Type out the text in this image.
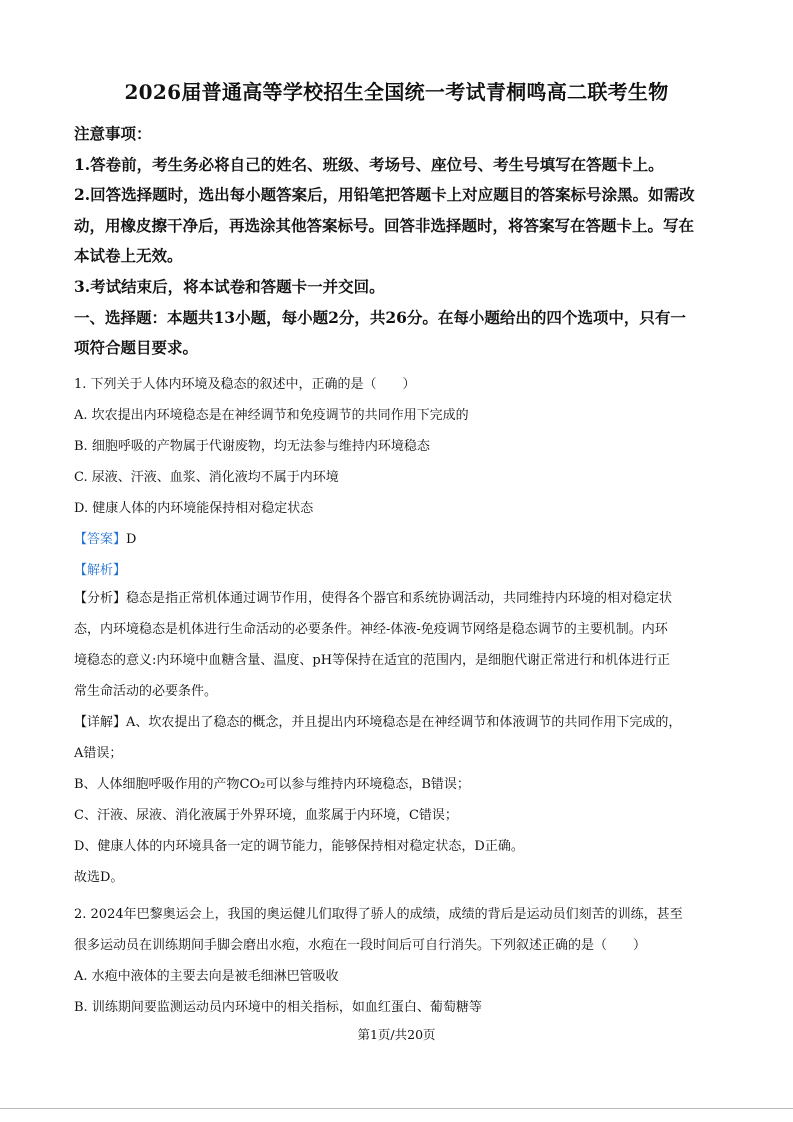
2026届普通高等学校招生全国统一考试青桐鸣高二联考生物

注意事项：

1.答卷前，考生务必将自己的姓名、班级、考场号、座位号、考生号填写在答题卡上。

2.回答选择题时，选出每小题答案后，用铅笔把答题卡上对应题目的答案标号涂黑。如需改

动，用橡皮擦干净后，再选涂其他答案标号。回答非选择题时，将答案写在答题卡上。写在

本试卷上无效。

3.考试结束后，将本试卷和答题卡一并交回。

一、选择题：本题共13小题，每小题2分，共26分。在每小题给出的四个选项中，只有一

项符合题目要求。

1. 下列关于人体内环境及稳态的叙述中，正确的是（　　）

A. 坎农提出内环境稳态是在神经调节和免疫调节的共同作用下完成的

B. 细胞呼吸的产物属于代谢废物，均无法参与维持内环境稳态

C. 尿液、汗液、血浆、消化液均不属于内环境

D. 健康人体的内环境能保持相对稳定状态

【答案】D

【解析】

【分析】稳态是指正常机体通过调节作用，使得各个器官和系统协调活动，共同维持内环境的相对稳定状

态，内环境稳态是机体进行生命活动的必要条件。神经-体液-免疫调节网络是稳态调节的主要机制。内环

境稳态的意义:内环境中血糖含量、温度、pH等保持在适宜的范围内，是细胞代谢正常进行和机体进行正

常生命活动的必要条件。

【详解】A、坎农提出了稳态的概念，并且提出内环境稳态是在神经调节和体液调节的共同作用下完成的，

A错误；

B、人体细胞呼吸作用的产物CO₂可以参与维持内环境稳态，B错误；

C、汗液、尿液、消化液属于外界环境，血浆属于内环境，C错误；

D、健康人体的内环境具备一定的调节能力，能够保持相对稳定状态，D正确。

故选D。

2. 2024年巴黎奥运会上，我国的奥运健儿们取得了骄人的成绩，成绩的背后是运动员们刻苦的训练，甚至

很多运动员在训练期间手脚会磨出水疱，水疱在一段时间后可自行消失。下列叙述正确的是（　　）

A. 水疱中液体的主要去向是被毛细淋巴管吸收

B. 训练期间要监测运动员内环境中的相关指标，如血红蛋白、葡萄糖等

第1页/共20页
